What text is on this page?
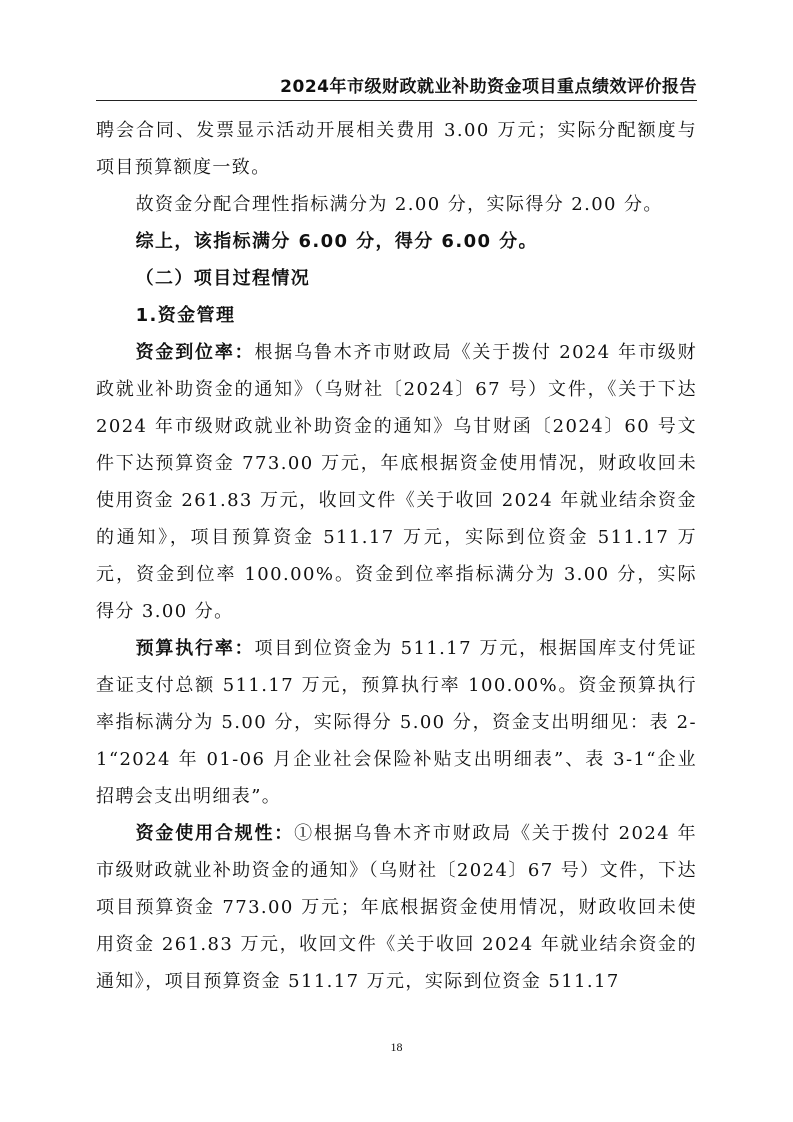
2024年市级财政就业补助资金项目重点绩效评价报告

聘会合同、发票显示活动开展相关费用 3.00 万元；实际分配额度与项目预算额度一致。

故资金分配合理性指标满分为 2.00 分，实际得分 2.00 分。

综上，该指标满分 6.00 分，得分 6.00 分。

（二）项目过程情况

1.资金管理

资金到位率：根据乌鲁木齐市财政局《关于拨付 2024 年市级财政就业补助资金的通知》（乌财社〔2024〕67 号）文件，《关于下达 2024 年市级财政就业补助资金的通知》乌甘财函〔2024〕60 号文件下达预算资金 773.00 万元，年底根据资金使用情况，财政收回未使用资金 261.83 万元，收回文件《关于收回 2024 年就业结余资金的通知》，项目预算资金 511.17 万元，实际到位资金 511.17 万元，资金到位率 100.00%。资金到位率指标满分为 3.00 分，实际得分 3.00 分。

预算执行率：项目到位资金为 511.17 万元，根据国库支付凭证查证支付总额 511.17 万元，预算执行率 100.00%。资金预算执行率指标满分为 5.00 分，实际得分 5.00 分，资金支出明细见：表 2-1“2024 年 01-06 月企业社会保险补贴支出明细表”、表 3-1“企业招聘会支出明细表”。

资金使用合规性：①根据乌鲁木齐市财政局《关于拨付 2024 年市级财政就业补助资金的通知》（乌财社〔2024〕67 号）文件，下达项目预算资金 773.00 万元；年底根据资金使用情况，财政收回未使用资金 261.83 万元，收回文件《关于收回 2024 年就业结余资金的通知》，项目预算资金 511.17 万元，实际到位资金 511.17

18
